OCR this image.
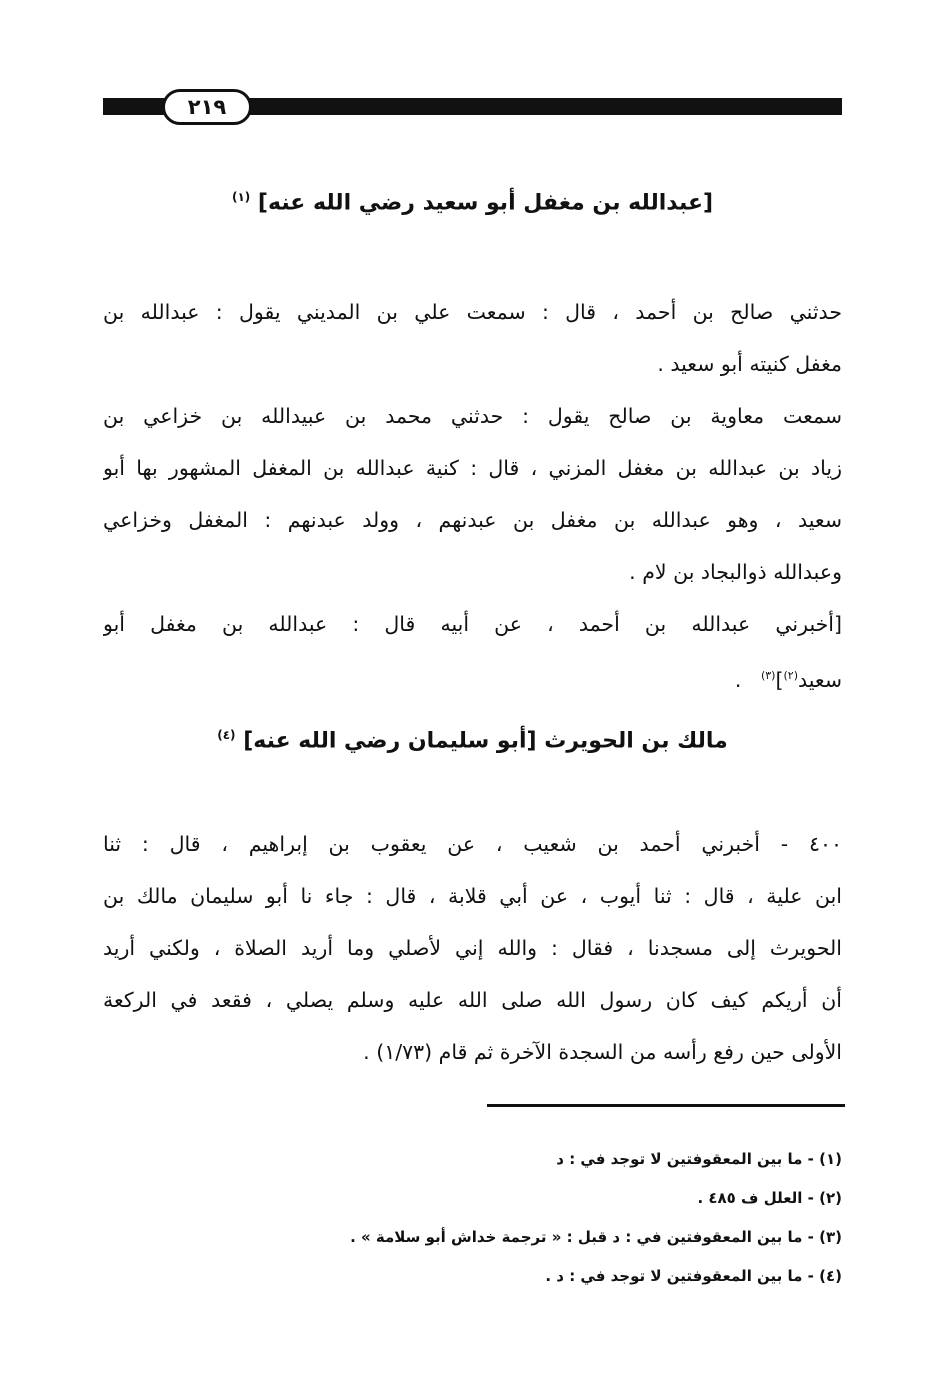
٢١٩
[عبدالله بن مغفل أبو سعيد رضي الله عنه] $^{(١)}$
حدثني صالح بن أحمد ، قال : سمعت علي بن المديني يقول : عبدالله بن
مغفل كنيته أبو سعيد .
سمعت معاوية بن صالح يقول : حدثني محمد بن عبيدالله بن خزاعي بن
زياد بن عبدالله بن مغفل المزني ، قال : كنية عبدالله بن المغفل المشهور بها أبو
سعيد ، وهو عبدالله بن مغفل بن عبدنهم ، وولد عبدنهم : المغفل وخزاعي
وعبدالله ذوالبجاد بن لام .
[أخبرني عبدالله بن أحمد ، عن أبيه قال : عبدالله بن مغفل أبو
سعيد$^{(٢)}$]$^{(٣)}$   .
مالك بن الحويرث [أبو سليمان رضي الله عنه] $^{(٤)}$
٤٠٠ - أخبرني أحمد بن شعيب ، عن يعقوب بن إبراهيم ، قال : ثنا
ابن علية ، قال : ثنا أيوب ، عن أبي قلابة ، قال : جاء نا أبو سليمان مالك بن
الحويرث إلى مسجدنا ، فقال : والله إني لأصلي وما أريد الصلاة ، ولكني أريد
أن أريكم كيف كان رسول الله صلى الله عليه وسلم يصلي ، فقعد في الركعة
الأولى حين رفع رأسه من السجدة الآخرة ثم قام (١/٧٣) .
(١) - ما بين المعقوفتين لا توجد في : د
(٢) - العلل ف ٤٨٥ .
(٣) - ما بين المعقوفتين في : د قبل : « ترجمة خداش أبو سلامة » .
(٤) - ما بين المعقوفتين لا توجد في : د .
